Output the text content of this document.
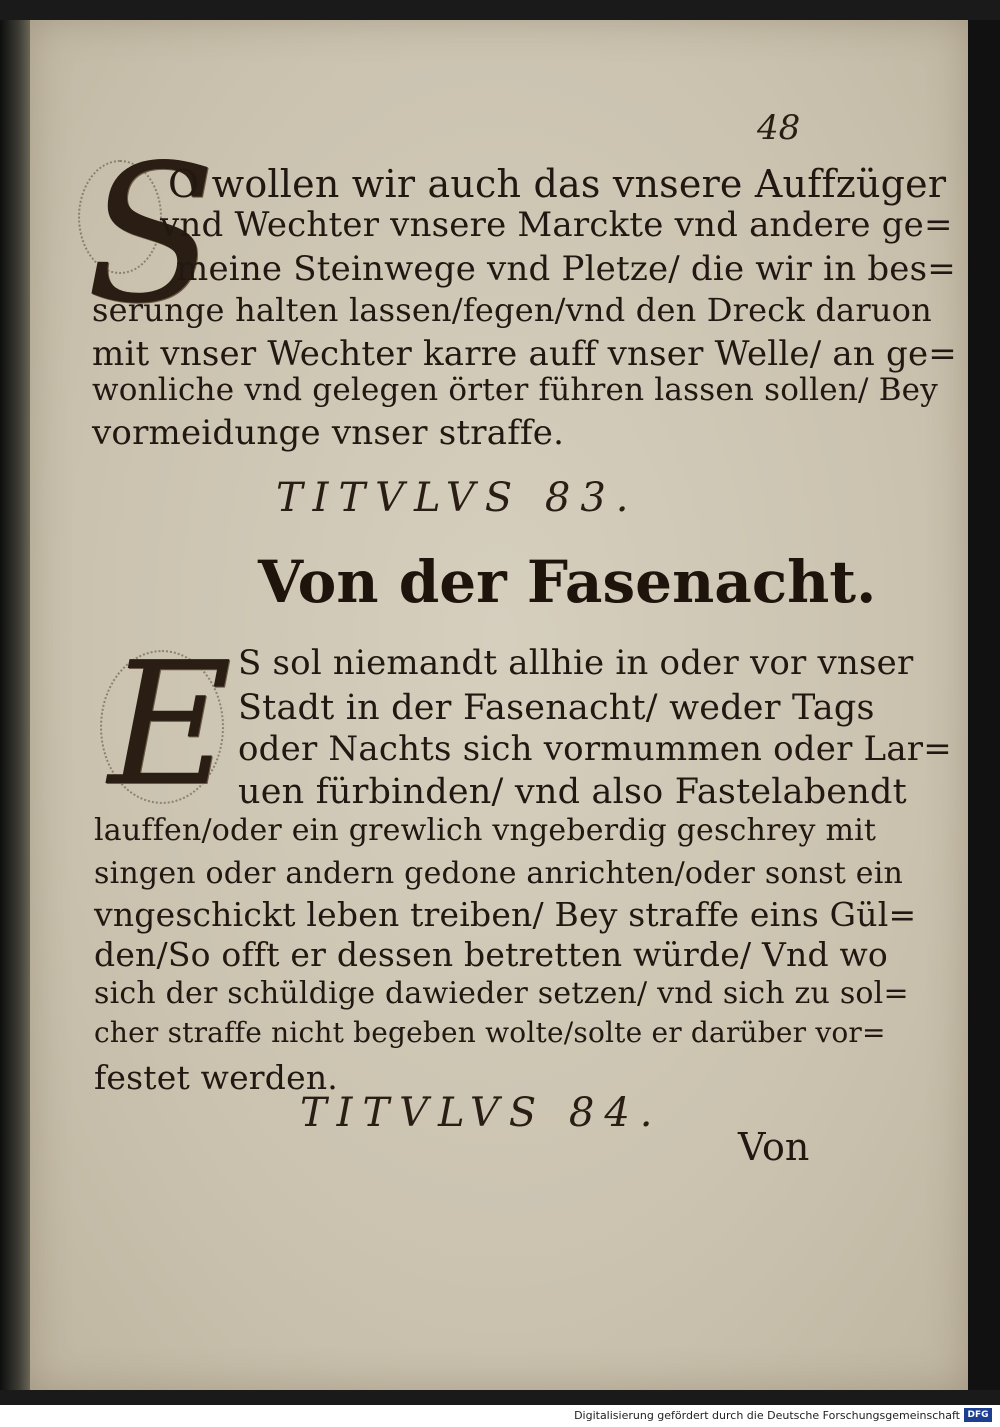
48
S
O wollen wir auch das vnsere Auffzüger
vnd Wechter vnsere Marckte vnd andere ge=
meine Steinwege vnd Pletze/ die wir in bes=
serunge halten lassen/fegen/vnd den Dreck daruon
mit vnser Wechter karre auff vnser Welle/ an ge=
wonliche vnd gelegen örter führen lassen sollen/ Bey
vormeidunge vnser straffe.
TITVLVS 83.
Von der Fasenacht.
E S sol niemandt allhie in oder vor vnser
Stadt in der Fasenacht/ weder Tags
oder Nachts sich vormummen oder Lar=
uen fürbinden/ vnd also Fastelabendt
lauffen/oder ein grewlich vngeberdig geschrey mit
singen oder andern gedone anrichten/oder sonst ein
vngeschickt leben treiben/ Bey straffe eins Gül=
den/So offt er dessen betretten würde/ Vnd wo
sich der schüldige dawieder setzen/ vnd sich zu sol=
cher straffe nicht begeben wolte/solte er darüber vor=
festet werden.
TITVLVS 84.
Von
Digitalisierung gefördert durch die Deutsche Forschungsgemeinschaft DFG
